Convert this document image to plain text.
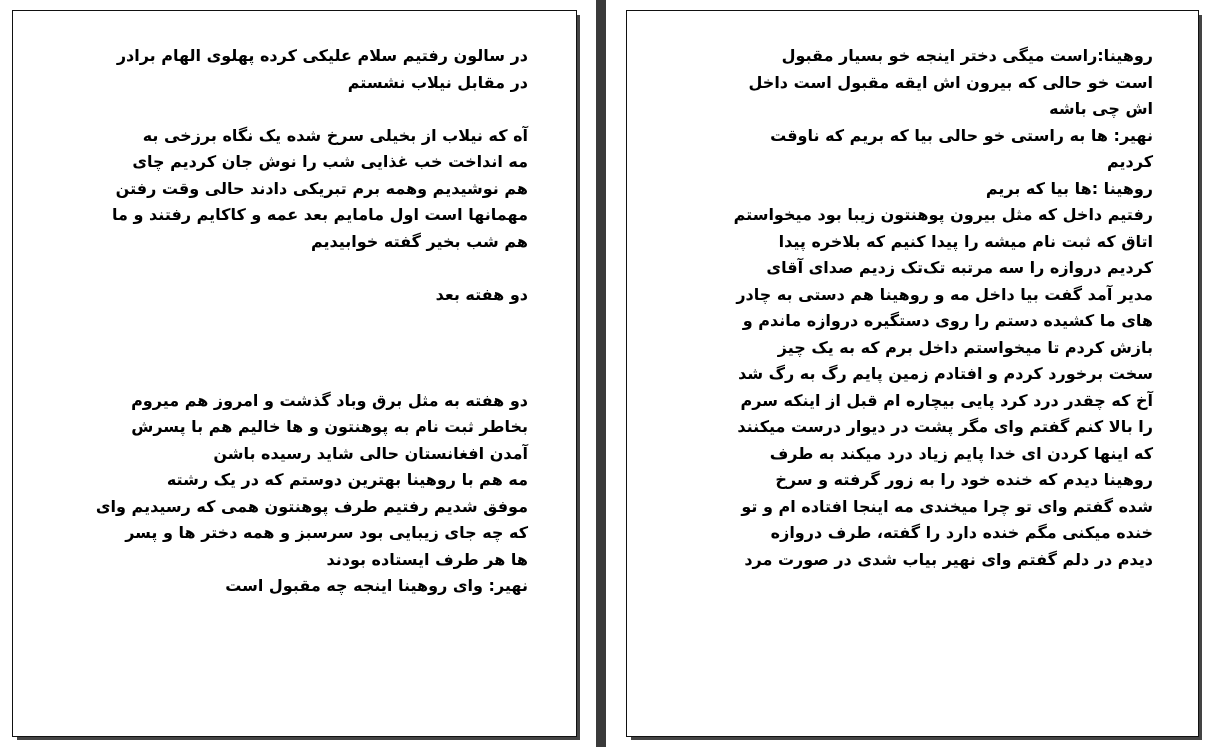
در سالون رفتیم سلام علیکی کرده پهلوی الهام برادر
در مقابل نیلاب نشستم
آه که نیلاب از بخیلی سرخ شده یک نگاه برزخی به
مه انداخت خب غذایی شب را نوش جان کردیم چای
هم نوشیدیم وهمه برم تبریکی دادند حالی وقت رفتن
مهمانها است اول مامایم بعد عمه و کاکایم رفتند و ما
هم شب بخیر گفته خوابیدیم
دو هفته بعد
دو هفته به مثل برق وباد گذشت و امروز هم میروم
بخاطر ثبت نام به پوهنتون و ها خالیم هم با پسرش
آمدن افغانستان حالی شاید رسیده باشن
مه هم با روهینا بهترین دوستم که در یک رشته
موفق شدیم رفتیم طرف پوهنتون همی که رسیدیم وای
که چه جای زیبایی بود سرسبز و همه دختر ها و پسر
ها هر طرف ایستاده بودند
نهیر: وای روهینا اینجه چه مقبول است
روهینا:راست میگی دختر اینجه خو بسیار مقبول
است خو حالی که بیرون اش ایقه مقبول است داخل
اش چی باشه
نهیر: ها به راستی خو حالی بیا که بریم که ناوقت
کردیم
روهینا :ها بیا که بریم
رفتیم داخل که مثل بیرون پوهنتون زیبا بود میخواستم
اتاق که ثبت نام میشه را پیدا کنیم که بلاخره پیدا
کردیم دروازه را سه مرتبه تک‌تک زدیم صدای آقای
مدیر آمد گفت بیا داخل مه و روهینا هم دستی به چادر
های ما کشیده دستم را روی دستگیره دروازه ماندم و
بازش کردم تا میخواستم داخل برم که به یک چیز
سخت برخورد کردم و افتادم زمین پایم رگ به رگ شد
آخ که چقدر درد کرد پایی بیچاره ام قبل از اینکه سرم
را بالا کنم گفتم وای مگر پشت در دیوار درست میکنند
که اینها کردن ای خدا پایم زیاد درد میکند به طرف
روهینا دیدم که خنده خود را به زور گرفته و سرخ
شده گفتم وای تو چرا میخندی مه اینجا افتاده ام و تو
خنده میکنی مگم خنده دارد را گفته، طرف دروازه
دیدم در دلم گفتم وای نهیر بیاب شدی در صورت مرد
